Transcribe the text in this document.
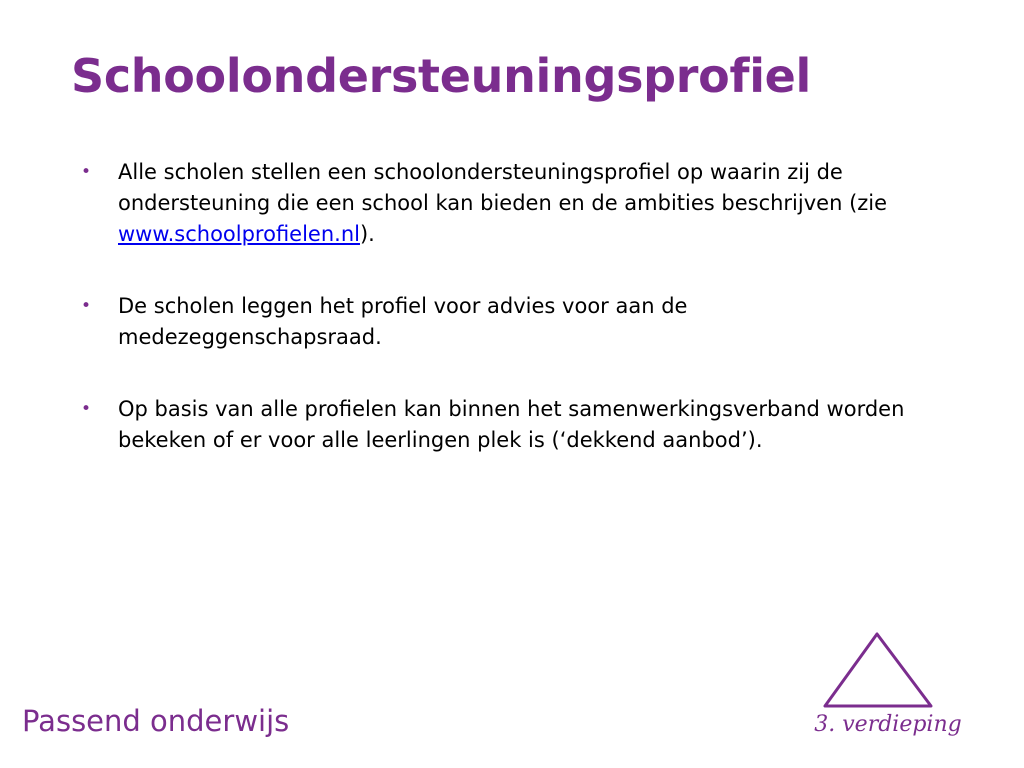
Schoolondersteuningsprofiel
• Alle scholen stellen een schoolondersteuningsprofiel op waarin zij de ondersteuning die een school kan bieden en de ambities beschrijven (zie www.schoolprofielen.nl).
• De scholen leggen het profiel voor advies voor aan de medezeggenschapsraad.
• Op basis van alle profielen kan binnen het samenwerkingsverband worden bekeken of er voor alle leerlingen plek is (‘dekkend aanbod’).
Passend onderwijs	3. verdieping
